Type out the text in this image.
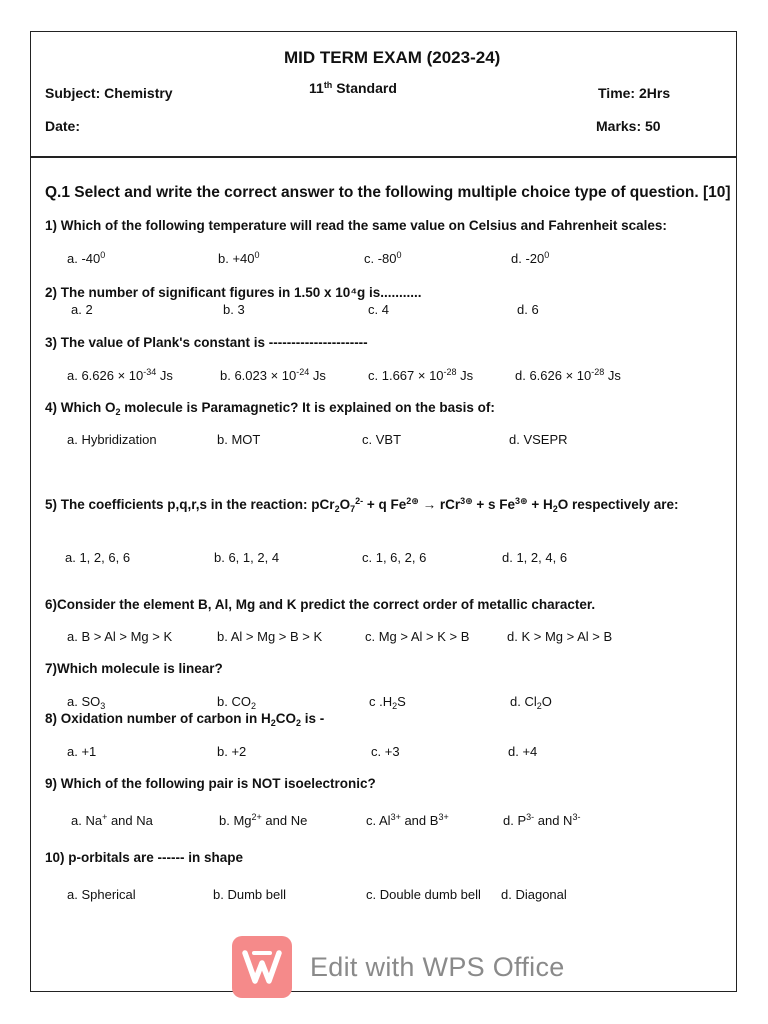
MID TERM EXAM (2023-24)
Subject: Chemistry	11th Standard	Time: 2Hrs
Date:	Marks: 50
Q.1 Select and write the correct answer to the following multiple choice type of question. [10]
1) Which of the following temperature will read the same value on Celsius and Fahrenheit scales:
a. $-40^0$	b. $+40^0$	c. $-80^0$	d. $-20^0$
2) The number of significant figures in 1.50 x 10⁴g is...........
a. 2	b. 3	c. 4	d. 6
3) The value of Plank's constant is ----------------------
a. $6.626 \times 10^{-34}$ Js	b. $6.023 \times 10^{-24}$ Js	c. $1.667 \times 10^{-28}$ Js	d. $6.626 \times 10^{-28}$ Js
4) Which $O_2$ molecule is Paramagnetic? It is explained on the basis of:
a. Hybridization	b. MOT	c. VBT	d. VSEPR
5) The coefficients p,q,r,s in the reaction: $pCr_2O_7^{2-} + q$ $Fe^{2\oplus} \to rCr^{3\oplus} + s$ $Fe^{3\oplus} + H_2O$ respectively are:
a. 1, 2, 6, 6	b. 6, 1, 2, 4	c. 1, 6, 2, 6	d. 1, 2, 4, 6
6)Consider the element B, Al, Mg and K predict the correct order of metallic character.
a. B > Al > Mg > K	b. Al > Mg > B > K	c. Mg > Al > K > B	d. K > Mg > Al > B
7)Which molecule is linear?
a. $SO_3$	b. $CO_2$	c $.H_2S$	d. $Cl_2O$
8) Oxidation number of carbon in $H_2CO_2$ is -
a. +1	b. +2	c. +3	d. +4
9) Which of the following pair is NOT isoelectronic?
a. Na+ and Na	b. $Mg^{2+}$ and Ne	c. $Al^{3+}$ and $B^{3+}$	d. $P^{3-}$ and $N^{3-}$
10) p-orbitals are ------ in shape
a. Spherical	b. Dumb bell	c. Double dumb bell d. Diagonal
Edit with WPS Office
